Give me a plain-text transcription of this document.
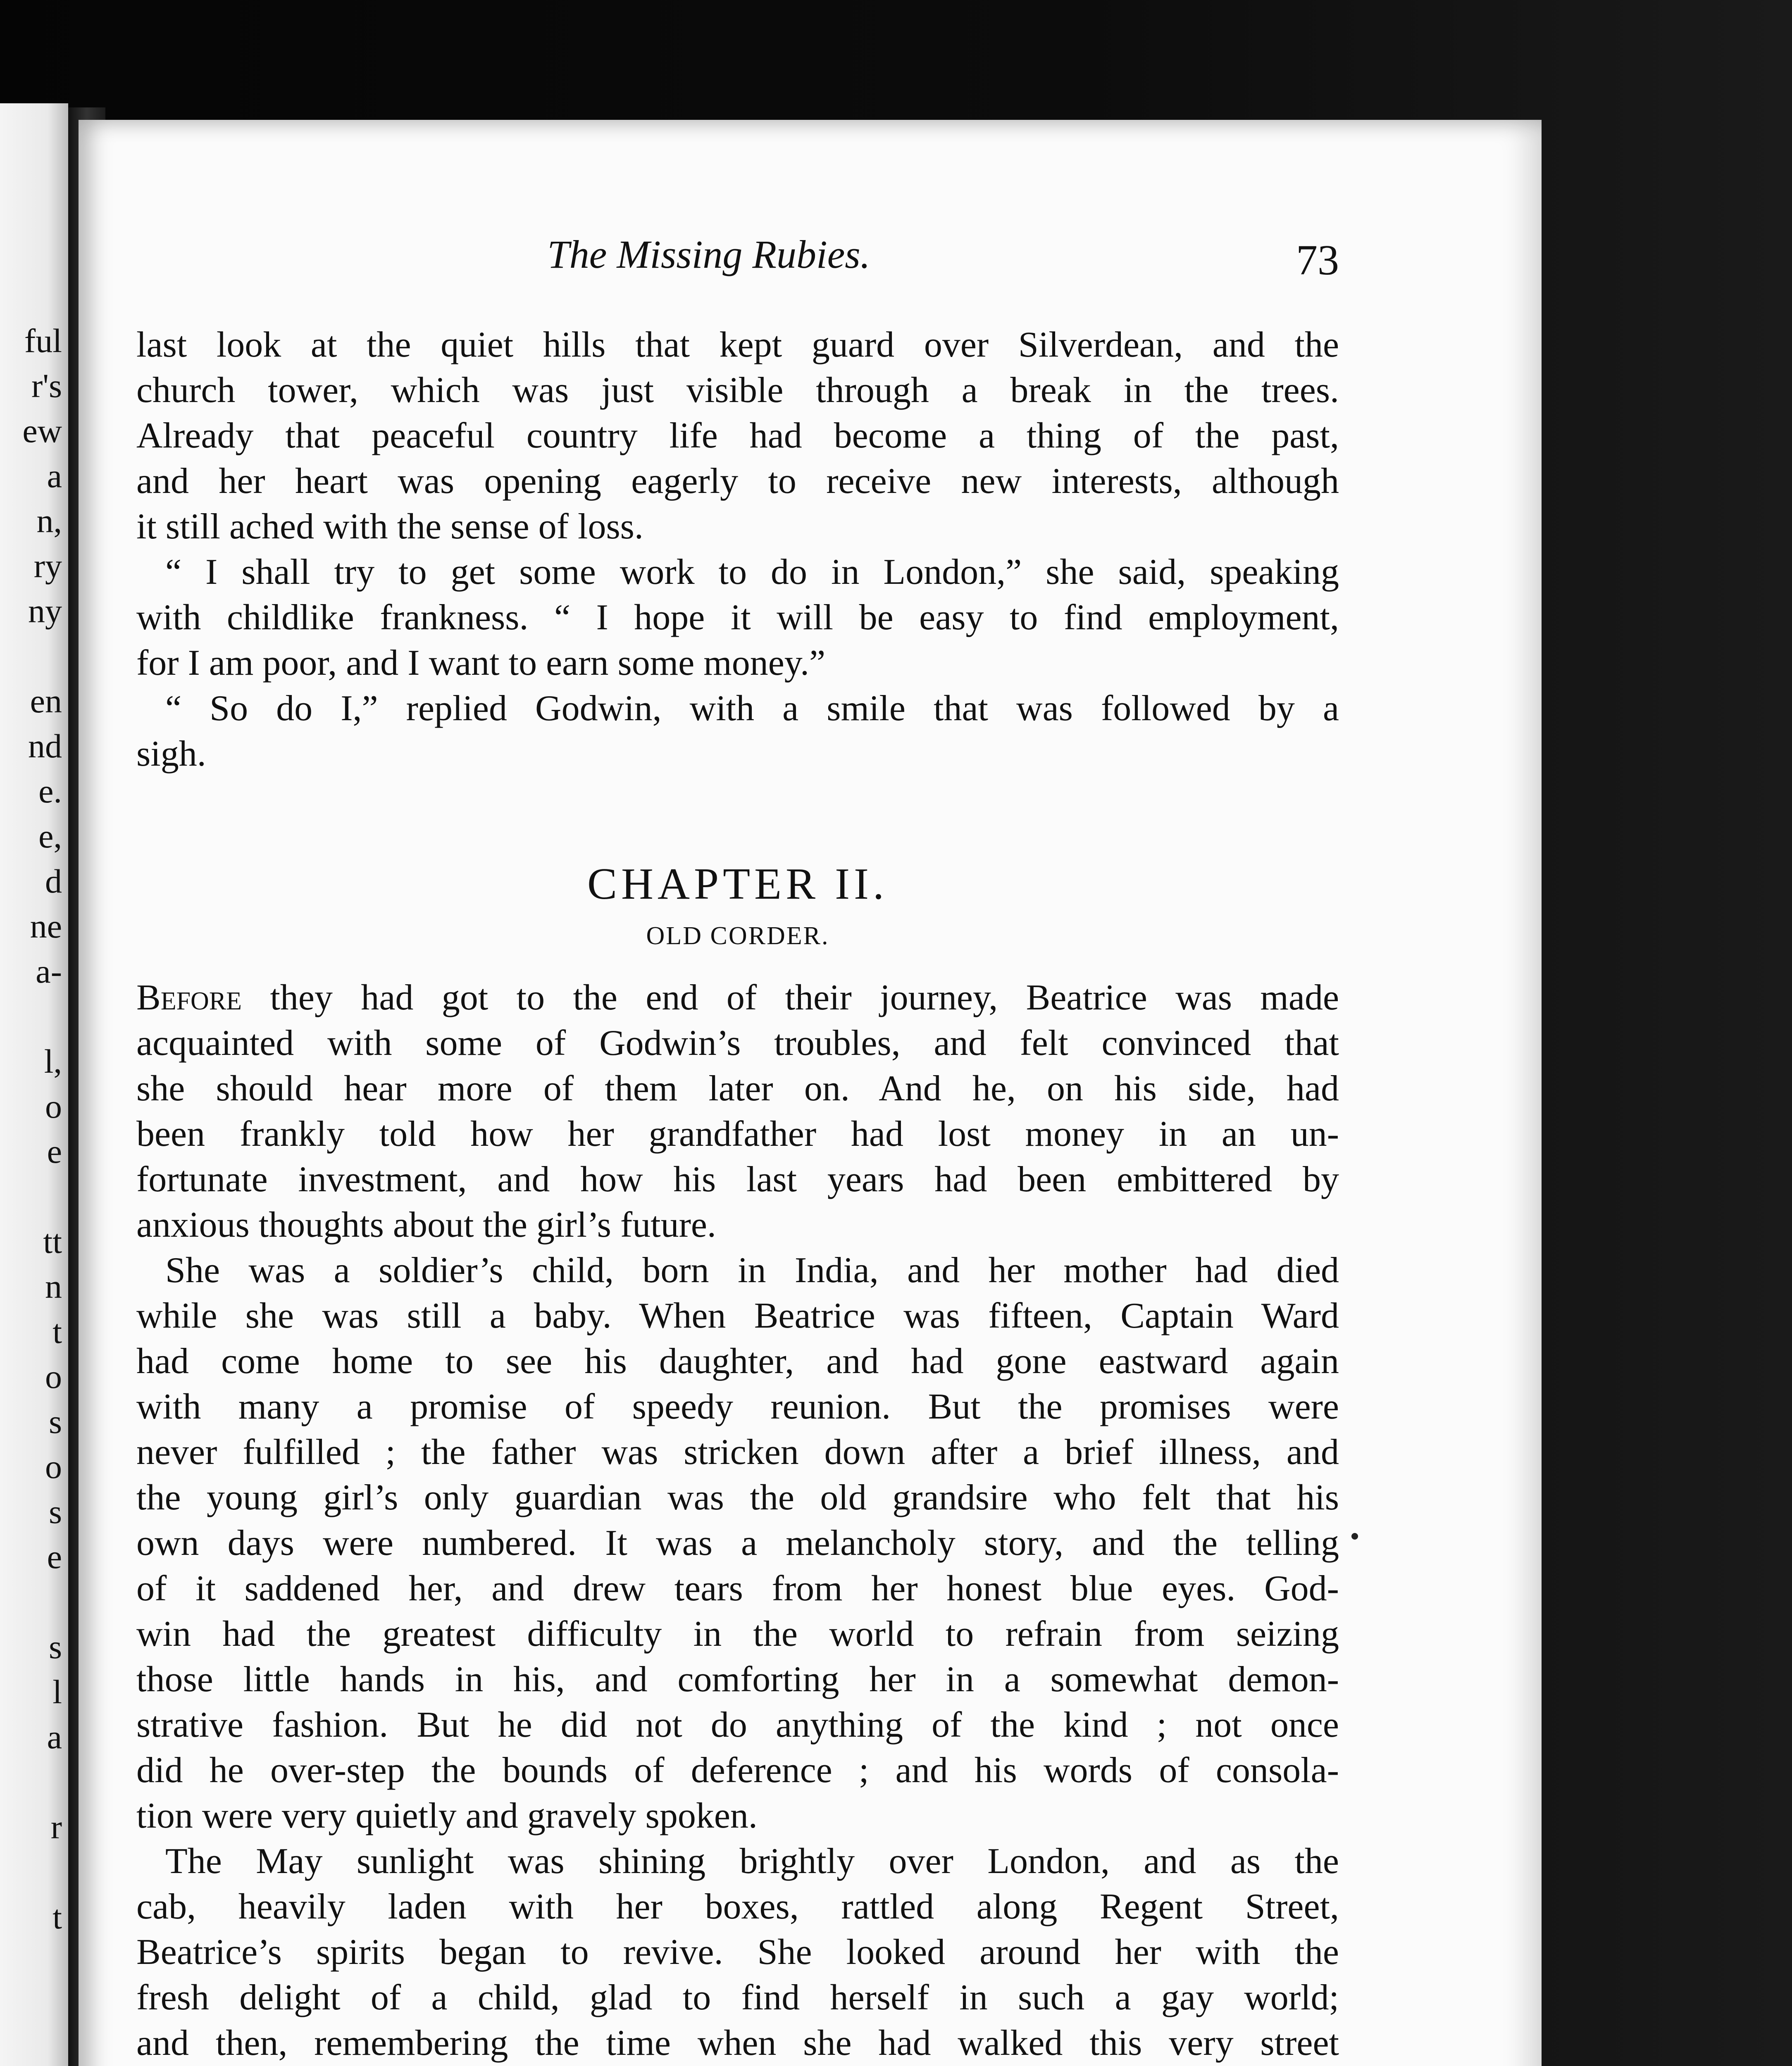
ful
r's
ew
a
n,
ry
ny
en
nd
e.
e,
d
ne
a-
l,
o
e
tt
n
t
o
s
o
s
e
s
l
a
r
t
The Missing Rubies.	73
last look at the quiet hills that kept guard over Silverdean, and the
church tower, which was just visible through a break in the trees.
Already that peaceful country life had become a thing of the past,
and her heart was opening eagerly to receive new interests, although
it still ached with the sense of loss.
“ I shall try to get some work to do in London,” she said, speaking
with childlike frankness. “ I hope it will be easy to find employment,
for I am poor, and I want to earn some money.”
“ So do I,” replied Godwin, with a smile that was followed by a
sigh.
CHAPTER II.
OLD CORDER.
Before they had got to the end of their journey, Beatrice was made
acquainted with some of Godwin’s troubles, and felt convinced that
she should hear more of them later on. And he, on his side, had
been frankly told how her grandfather had lost money in an un-
fortunate investment, and how his last years had been embittered by
anxious thoughts about the girl’s future.
She was a soldier’s child, born in India, and her mother had died
while she was still a baby. When Beatrice was fifteen, Captain Ward
had come home to see his daughter, and had gone eastward again
with many a promise of speedy reunion. But the promises were
never fulfilled ; the father was stricken down after a brief illness, and
the young girl’s only guardian was the old grandsire who felt that his
own days were numbered. It was a melancholy story, and the telling
of it saddened her, and drew tears from her honest blue eyes. God-
win had the greatest difficulty in the world to refrain from seizing
those little hands in his, and comforting her in a somewhat demon-
strative fashion. But he did not do anything of the kind ; not once
did he over-step the bounds of deference ; and his words of consola-
tion were very quietly and gravely spoken.
The May sunlight was shining brightly over London, and as the
cab, heavily laden with her boxes, rattled along Regent Street,
Beatrice’s spirits began to revive. She looked around her with the
fresh delight of a child, glad to find herself in such a gay world;
and then, remembering the time when she had walked this very street
